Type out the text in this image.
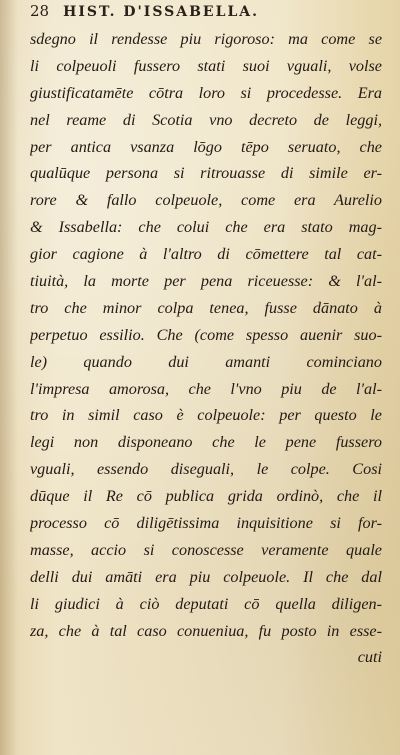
28 HIST. D'ISSABELLA.
sdegno il rendesse piu rigoroso: ma come se
li colpeuoli fussero stati suoi vguali, volse
giustificatamēte cōtra loro si procedesse. Era
nel reame di Scotia vno decreto de leggi,
per antica vsanza lōgo tēpo seruato, che
qualūque persona si ritrouasse di simile er-
rore & fallo colpeuole, come era Aurelio
& Issabella: che colui che era stato mag-
gior cagione à l'altro di cōmettere tal cat-
tiuità, la morte per pena riceuesse: & l'al-
tro che minor colpa tenea, fusse dānato à
perpetuo essilio. Che (come spesso auenir suo-
le) quando dui amanti cominciano
l'impresa amorosa, che l'vno piu de l'al-
tro in simil caso è colpeuole: per questo le
legi non disponeano che le pene fussero
vguali, essendo diseguali, le colpe. Cosi
dūque il Re cō publica grida ordinò, che il
processo cō diligētissima inquisitione si for-
masse, accio si conoscesse veramente quale
delli dui amāti era piu colpeuole. Il che dal
li giudici à ciò deputati cō quella diligen-
za, che à tal caso conueniua, fu posto in esse-
cuti
